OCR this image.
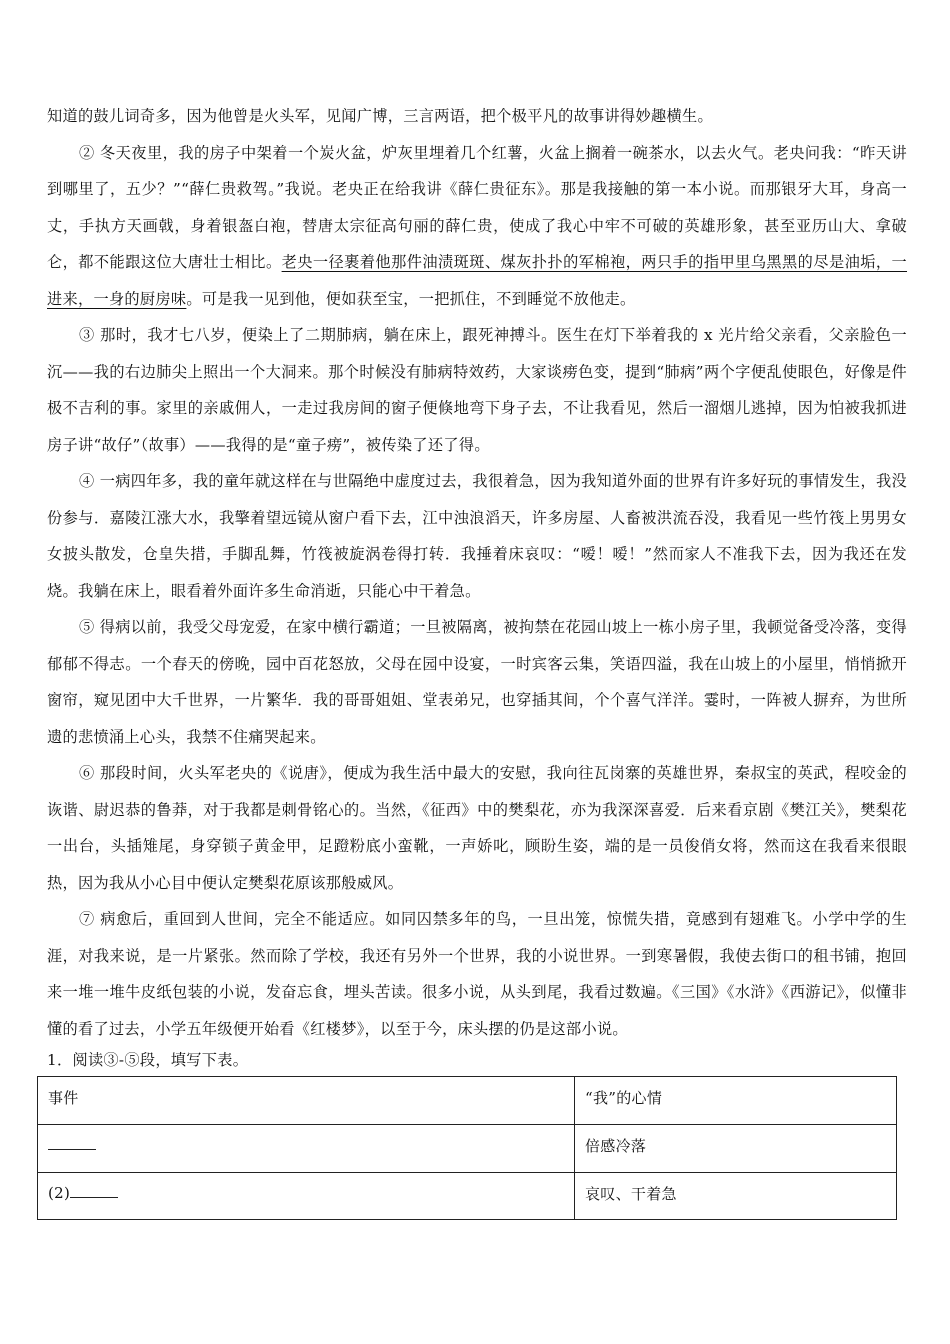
知道的鼓儿词奇多，因为他曾是火头军，见闻广博，三言两语，把个极平凡的故事讲得妙趣横生。

② 冬天夜里，我的房子中架着一个炭火盆，炉灰里埋着几个红薯，火盆上搁着一碗茶水，以去火气。老央问我：“昨天讲到哪里了，五少？”“薛仁贵救驾。”我说。老央正在给我讲《薛仁贵征东》。那是我接触的第一本小说。而那银牙大耳，身高一丈，手执方天画戟，身着银盔白袍，替唐太宗征高句丽的薛仁贵，使成了我心中牢不可破的英雄形象，甚至亚历山大、拿破仑，都不能跟这位大唐壮士相比。老央一径裹着他那件油渍斑斑、煤灰扑扑的军棉袍，两只手的指甲里乌黑黑的尽是油垢，一进来，一身的厨房味。可是我一见到他，便如获至宝，一把抓住，不到睡觉不放他走。

③ 那时，我才七八岁，便染上了二期肺病，躺在床上，跟死神搏斗。医生在灯下举着我的 x 光片给父亲看，父亲脸色一沉——我的右边肺尖上照出一个大洞来。那个时候没有肺病特效药，大家谈痨色变，提到“肺病”两个字便乱使眼色，好像是件极不吉利的事。家里的亲戚佣人，一走过我房间的窗子便倏地弯下身子去，不让我看见，然后一溜烟儿逃掉，因为怕被我抓进房子讲“故仔”（故事）——我得的是“童子痨”，被传染了还了得。

④ 一病四年多，我的童年就这样在与世隔绝中虚度过去，我很着急，因为我知道外面的世界有许多好玩的事情发生，我没份参与．嘉陵江涨大水，我擎着望远镜从窗户看下去，江中浊浪滔天，许多房屋、人畜被洪流吞没，我看见一些竹筏上男男女女披头散发，仓皇失措，手脚乱舞，竹筏被旋涡卷得打转．我捶着床哀叹：“嗳！嗳！”然而家人不准我下去，因为我还在发烧。我躺在床上，眼看着外面许多生命消逝，只能心中干着急。

⑤ 得病以前，我受父母宠爱，在家中横行霸道；一旦被隔离，被拘禁在花园山坡上一栋小房子里，我顿觉备受冷落，变得郁郁不得志。一个春天的傍晚，园中百花怒放，父母在园中设宴，一时宾客云集，笑语四溢，我在山坡上的小屋里，悄悄掀开窗帘，窥见团中大千世界，一片繁华．我的哥哥姐姐、堂表弟兄，也穿插其间，个个喜气洋洋。霎时，一阵被人摒弃，为世所遗的悲愤涌上心头，我禁不住痛哭起来。

⑥ 那段时间，火头军老央的《说唐》，便成为我生活中最大的安慰，我向往瓦岗寨的英雄世界，秦叔宝的英武，程咬金的诙谐、尉迟恭的鲁莽，对于我都是刺骨铭心的。当然，《征西》中的樊梨花，亦为我深深喜爱．后来看京剧《樊江关》，樊梨花一出台，头插雉尾，身穿锁子黄金甲，足蹬粉底小蛮靴，一声娇叱，顾盼生姿，端的是一员俊俏女将，然而这在我看来很眼热，因为我从小心目中便认定樊梨花原该那般威风。

⑦ 病愈后，重回到人世间，完全不能适应。如同囚禁多年的鸟，一旦出笼，惊慌失措，竟感到有翅难飞。小学中学的生涯，对我来说，是一片紧张。然而除了学校，我还有另外一个世界，我的小说世界。一到寒暑假，我使去街口的租书铺，抱回来一堆一堆牛皮纸包装的小说，发奋忘食，埋头苦读。很多小说，从头到尾，我看过数遍。《三国》《水浒》《西游记》，似懂非懂的看了过去，小学五年级便开始看《红楼梦》，以至于今，床头摆的仍是这部小说。

1．阅读③-⑤段，填写下表。

事件	“我”的心情
	倍感冷落
(2)	哀叹、干着急
